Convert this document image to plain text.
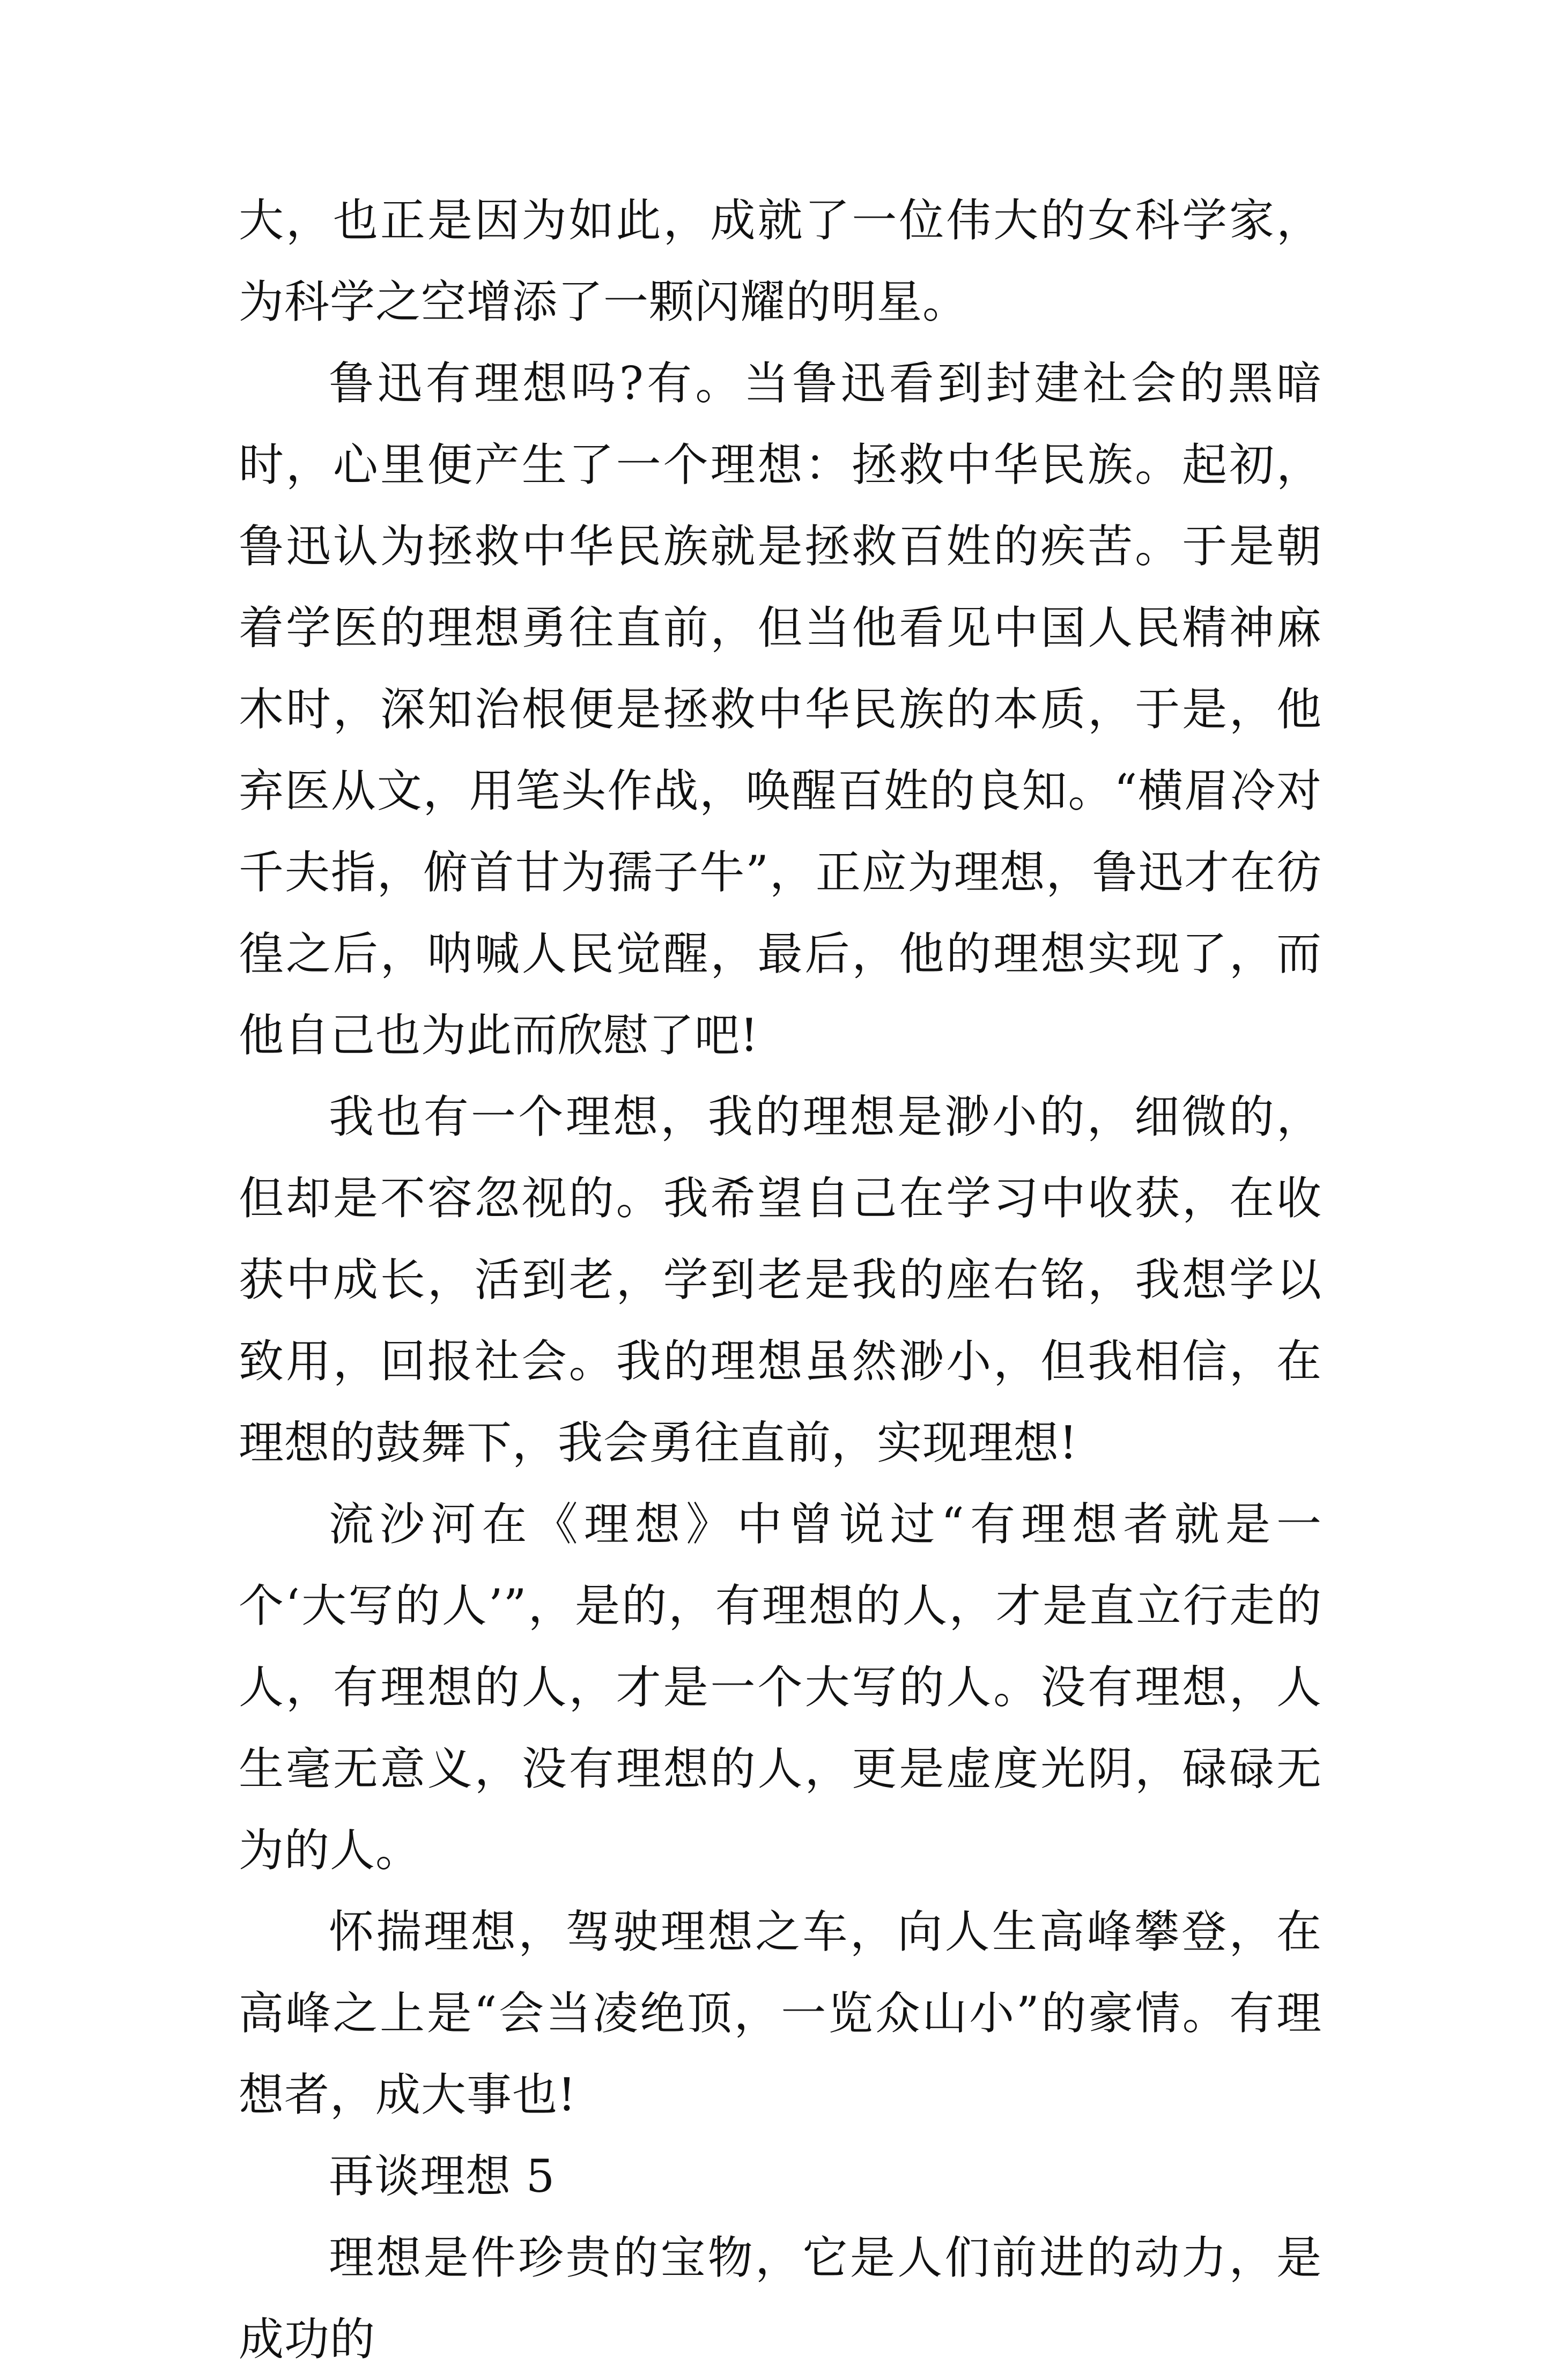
大，也正是因为如此，成就了一位伟大的女科学家，为科学之空增添了一颗闪耀的明星。

鲁迅有理想吗?有。当鲁迅看到封建社会的黑暗时，心里便产生了一个理想：拯救中华民族。起初，鲁迅认为拯救中华民族就是拯救百姓的疾苦。于是朝着学医的理想勇往直前，但当他看见中国人民精神麻木时，深知治根便是拯救中华民族的本质，于是，他弃医从文，用笔头作战，唤醒百姓的良知。“横眉冷对千夫指，俯首甘为孺子牛”，正应为理想，鲁迅才在彷徨之后，呐喊人民觉醒，最后，他的理想实现了，而他自己也为此而欣慰了吧!

我也有一个理想，我的理想是渺小的，细微的，但却是不容忽视的。我希望自己在学习中收获，在收获中成长，活到老，学到老是我的座右铭，我想学以致用，回报社会。我的理想虽然渺小，但我相信，在理想的鼓舞下，我会勇往直前，实现理想!

流沙河在《理想》中曾说过“有理想者就是一个‘大写的人’”，是的，有理想的人，才是直立行走的人，有理想的人，才是一个大写的人。没有理想，人生毫无意义，没有理想的人，更是虚度光阴，碌碌无为的人。

怀揣理想，驾驶理想之车，向人生高峰攀登，在高峰之上是“会当凌绝顶，一览众山小”的豪情。有理想者，成大事也!

再谈理想 5

理想是件珍贵的宝物，它是人们前进的动力，是成功的
